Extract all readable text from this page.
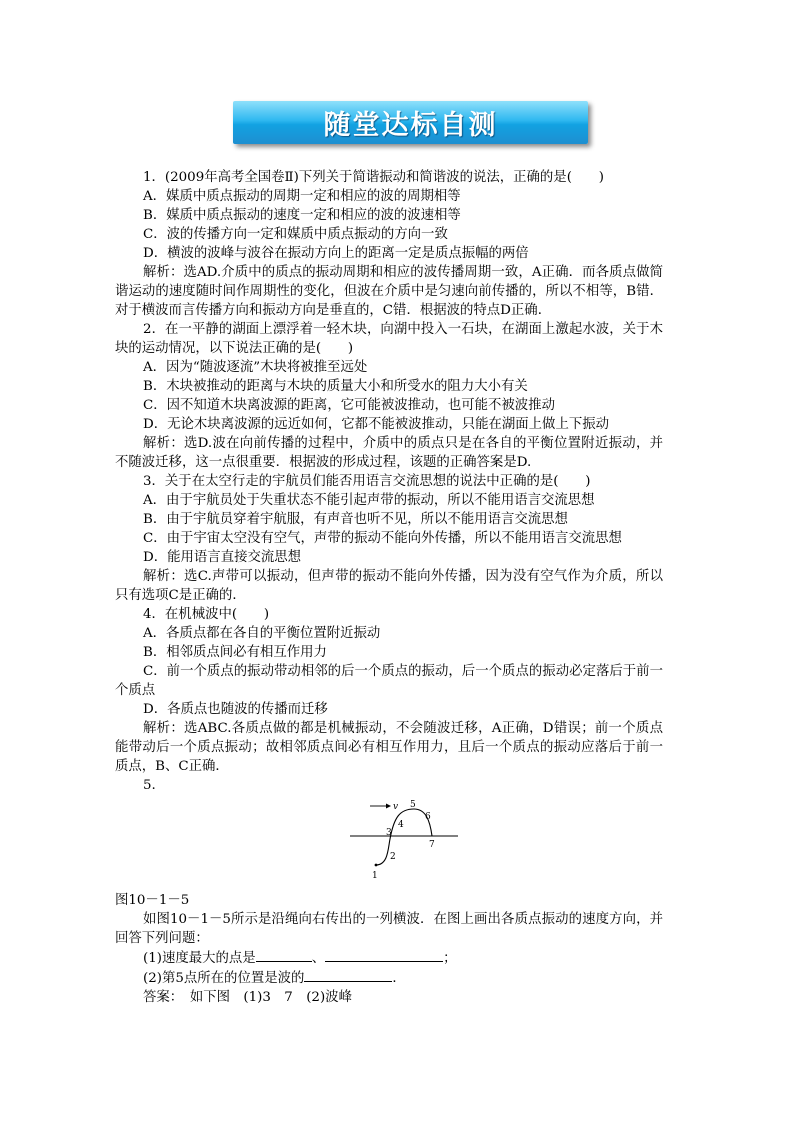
随堂达标自测

1．(2009年高考全国卷Ⅱ)下列关于简谐振动和简谐波的说法，正确的是(　　)

A．媒质中质点振动的周期一定和相应的波的周期相等

B．媒质中质点振动的速度一定和相应的波的波速相等

C．波的传播方向一定和媒质中质点振动的方向一致

D．横波的波峰与波谷在振动方向上的距离一定是质点振幅的两倍

解析：选AD.介质中的质点的振动周期和相应的波传播周期一致，A正确．而各质点做简谐运动的速度随时间作周期性的变化，但波在介质中是匀速向前传播的，所以不相等，B错．对于横波而言传播方向和振动方向是垂直的，C错．根据波的特点D正确．

2．在一平静的湖面上漂浮着一轻木块，向湖中投入一石块，在湖面上激起水波，关于木块的运动情况，以下说法正确的是(　　)

A．因为“随波逐流”木块将被推至远处

B．木块被推动的距离与木块的质量大小和所受水的阻力大小有关

C．因不知道木块离波源的距离，它可能被波推动，也可能不被波推动

D．无论木块离波源的远近如何，它都不能被波推动，只能在湖面上做上下振动

解析：选D.波在向前传播的过程中，介质中的质点只是在各自的平衡位置附近振动，并不随波迁移，这一点很重要．根据波的形成过程，该题的正确答案是D.

3．关于在太空行走的宇航员们能否用语言交流思想的说法中正确的是(　　)

A．由于宇航员处于失重状态不能引起声带的振动，所以不能用语言交流思想

B．由于宇航员穿着宇航服，有声音也听不见，所以不能用语言交流思想

C．由于宇宙太空没有空气，声带的振动不能向外传播，所以不能用语言交流思想

D．能用语言直接交流思想

解析：选C.声带可以振动，但声带的振动不能向外传播，因为没有空气作为介质，所以只有选项C是正确的．

4．在机械波中(　　)

A．各质点都在各自的平衡位置附近振动

B．相邻质点间必有相互作用力

C．前一个质点的振动带动相邻的后一个质点的振动，后一个质点的振动必定落后于前一个质点

D．各质点也随波的传播而迁移

解析：选ABC.各质点做的都是机械振动，不会随波迁移，A正确，D错误；前一个质点能带动后一个质点振动；故相邻质点间必有相互作用力，且后一个质点的振动应落后于前一质点，B、C正确．

5.

v
1
2
3
4
5
6
7

图10－1－5

如图10－1－5所示是沿绳向右传出的一列横波．在图上画出各质点振动的速度方向，并回答下列问题：

(1)速度最大的点是	、	；

(2)第5点所在的位置是波的	．

答案：　如下图　(1)3　7　(2)波峰
